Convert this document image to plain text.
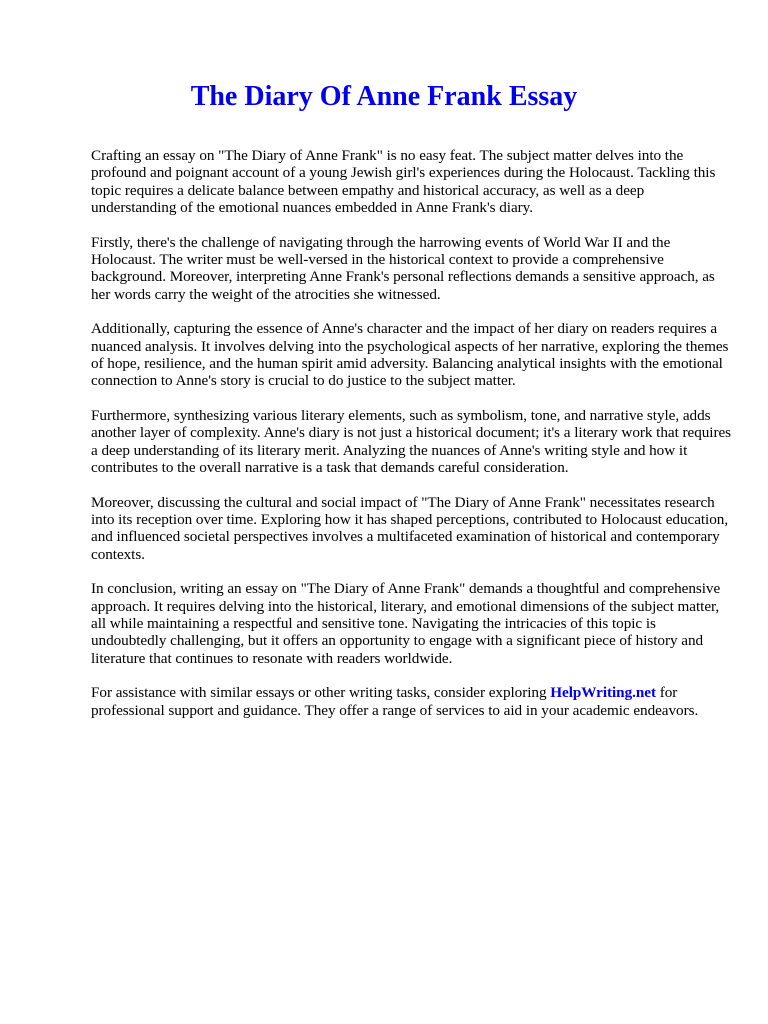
The Diary Of Anne Frank Essay

Crafting an essay on "The Diary of Anne Frank" is no easy feat. The subject matter delves into the profound and poignant account of a young Jewish girl's experiences during the Holocaust. Tackling this topic requires a delicate balance between empathy and historical accuracy, as well as a deep understanding of the emotional nuances embedded in Anne Frank's diary.

Firstly, there's the challenge of navigating through the harrowing events of World War II and the Holocaust. The writer must be well-versed in the historical context to provide a comprehensive background. Moreover, interpreting Anne Frank's personal reflections demands a sensitive approach, as her words carry the weight of the atrocities she witnessed.

Additionally, capturing the essence of Anne's character and the impact of her diary on readers requires a nuanced analysis. It involves delving into the psychological aspects of her narrative, exploring the themes of hope, resilience, and the human spirit amid adversity. Balancing analytical insights with the emotional connection to Anne's story is crucial to do justice to the subject matter.

Furthermore, synthesizing various literary elements, such as symbolism, tone, and narrative style, adds another layer of complexity. Anne's diary is not just a historical document; it's a literary work that requires a deep understanding of its literary merit. Analyzing the nuances of Anne's writing style and how it contributes to the overall narrative is a task that demands careful consideration.

Moreover, discussing the cultural and social impact of "The Diary of Anne Frank" necessitates research into its reception over time. Exploring how it has shaped perceptions, contributed to Holocaust education, and influenced societal perspectives involves a multifaceted examination of historical and contemporary contexts.

In conclusion, writing an essay on "The Diary of Anne Frank" demands a thoughtful and comprehensive approach. It requires delving into the historical, literary, and emotional dimensions of the subject matter, all while maintaining a respectful and sensitive tone. Navigating the intricacies of this topic is undoubtedly challenging, but it offers an opportunity to engage with a significant piece of history and literature that continues to resonate with readers worldwide.

For assistance with similar essays or other writing tasks, consider exploring HelpWriting.net for professional support and guidance. They offer a range of services to aid in your academic endeavors.
